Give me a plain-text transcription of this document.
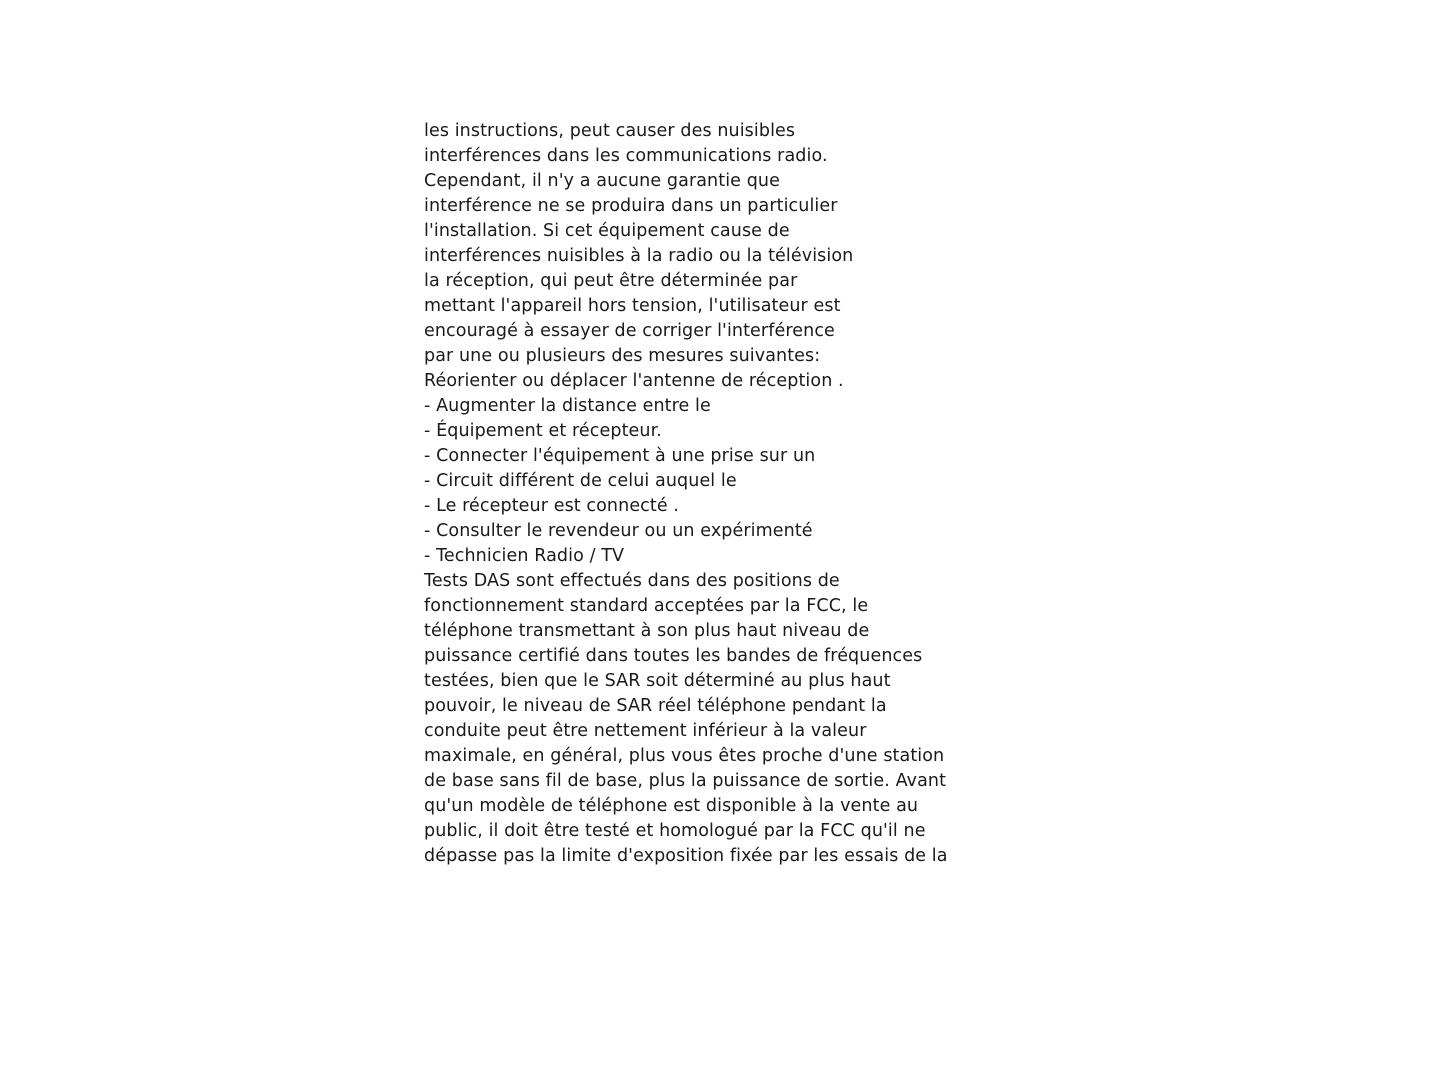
les instructions, peut causer des nuisibles
interférences dans les communications radio.
Cependant, il n'y a aucune garantie que
interférence ne se produira dans un particulier
l'installation. Si cet équipement cause de
interférences nuisibles à la radio ou la télévision
la réception, qui peut être déterminée par
mettant l'appareil hors tension, l'utilisateur est
encouragé à essayer de corriger l'interférence
par une ou plusieurs des mesures suivantes:
Réorienter ou déplacer l'antenne de réception .
- Augmenter la distance entre le
- Équipement et récepteur.
- Connecter l'équipement à une prise sur un
- Circuit différent de celui auquel le
- Le récepteur est connecté .
- Consulter le revendeur ou un expérimenté
- Technicien Radio / TV
Tests DAS sont effectués dans des positions de
fonctionnement standard acceptées par la FCC, le
téléphone transmettant à son plus haut niveau de
puissance certifié dans toutes les bandes de fréquences
testées, bien que le SAR soit déterminé au plus haut
pouvoir, le niveau de SAR réel téléphone pendant la
conduite peut être nettement inférieur à la valeur
maximale, en général, plus vous êtes proche d'une station
de base sans fil de base, plus la puissance de sortie. Avant
qu'un modèle de téléphone est disponible à la vente au
public, il doit être testé et homologué par la FCC qu'il ne
dépasse pas la limite d'exposition fixée par les essais de la
